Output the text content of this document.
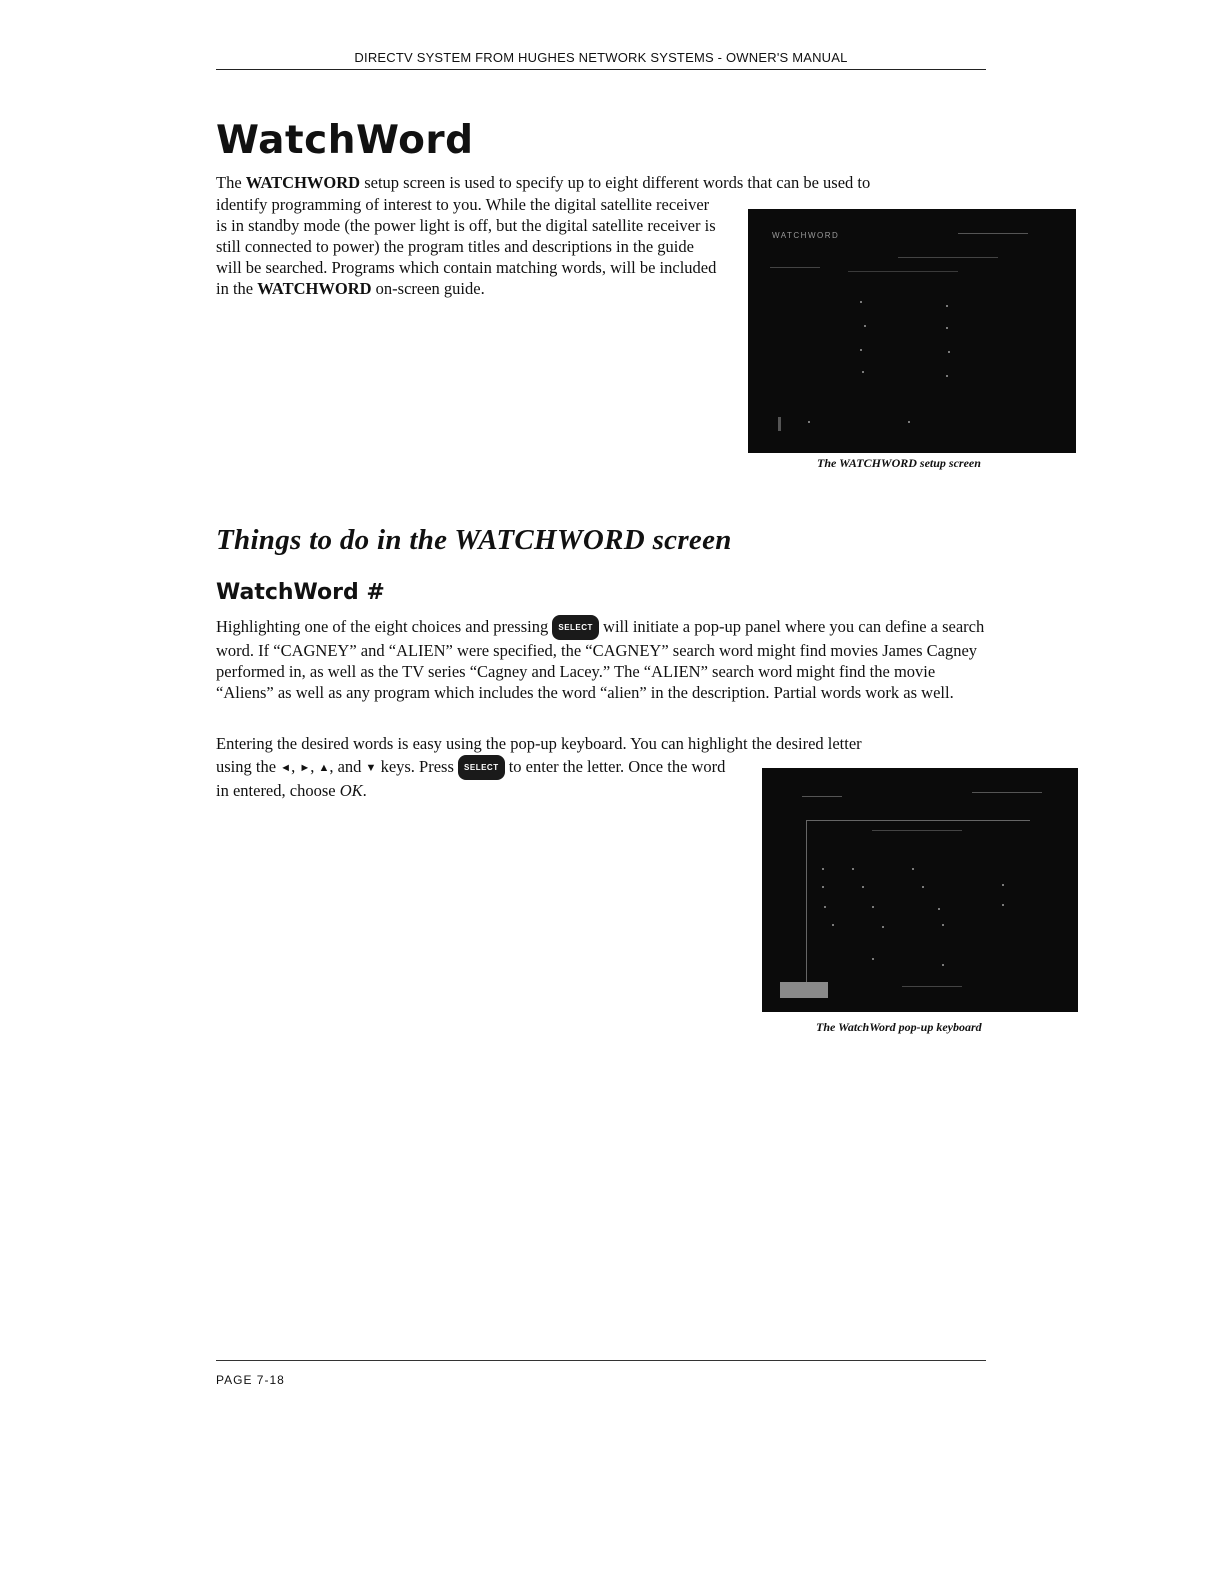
DIRECTV SYSTEM FROM HUGHES NETWORK SYSTEMS - OWNER'S MANUAL
WatchWord
The WATCHWORD setup screen is used to specify up to eight different words that can be used to
identify programming of interest to you. While the digital satellite receiver is in standby mode (the power light is off, but the digital satellite receiver is still connected to power) the program titles and descriptions in the guide will be searched. Programs which contain matching words, will be included in the WATCHWORD on-screen guide.
WATCHWORD
The WATCHWORD setup screen
Things to do in the WATCHWORD screen
WatchWord #
Highlighting one of the eight choices and pressing SELECT will initiate a pop-up panel where you can define a search word. If “CAGNEY” and “ALIEN” were specified, the “CAGNEY” search word might find movies James Cagney performed in, as well as the TV series “Cagney and Lacey.” The “ALIEN” search word might find the movie “Aliens” as well as any program which includes the word “alien” in the description. Partial words work as well.
Entering the desired words is easy using the pop-up keyboard. You can highlight the desired letter
using the ◄, ►, ▲, and ▼ keys. Press SELECT to enter the letter. Once the word in entered, choose OK.
The WatchWord pop-up keyboard
PAGE 7-18
